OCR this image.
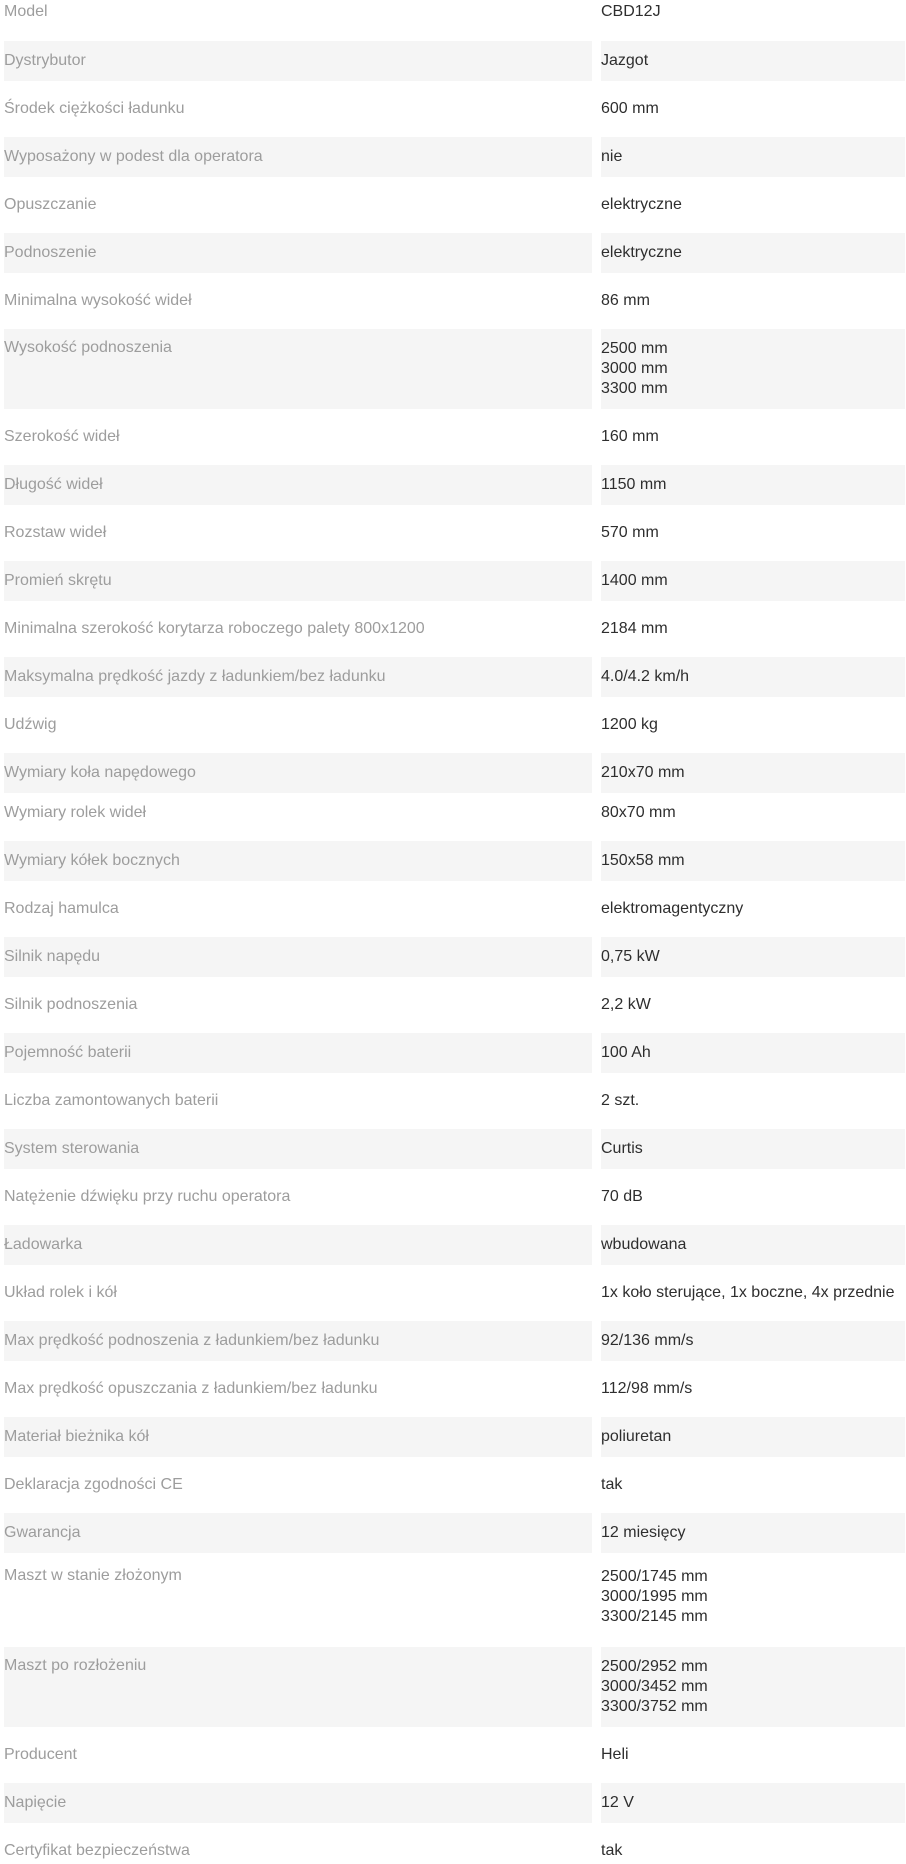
Model	CBD12J
Dystrybutor	Jazgot
Środek ciężkości ładunku	600 mm
Wyposażony w podest dla operatora	nie
Opuszczanie	elektryczne
Podnoszenie	elektryczne
Minimalna wysokość wideł	86 mm
Wysokość podnoszenia	2500 mm
3000 mm
3300 mm
Szerokość wideł	160 mm
Długość wideł	1150 mm
Rozstaw wideł	570 mm
Promień skrętu	1400 mm
Minimalna szerokość korytarza roboczego palety 800x1200	2184 mm
Maksymalna prędkość jazdy z ładunkiem/bez ładunku	4.0/4.2 km/h
Udźwig	1200 kg
Wymiary koła napędowego	210x70 mm
Wymiary rolek wideł	80x70 mm
Wymiary kółek bocznych	150x58 mm
Rodzaj hamulca	elektromagentyczny
Silnik napędu	0,75 kW
Silnik podnoszenia	2,2 kW
Pojemność baterii	100 Ah
Liczba zamontowanych baterii	2 szt.
System sterowania	Curtis
Natężenie dźwięku przy ruchu operatora	70 dB
Ładowarka	wbudowana
Układ rolek i kół	1x koło sterujące, 1x boczne, 4x przednie
Max prędkość podnoszenia z ładunkiem/bez ładunku	92/136 mm/s
Max prędkość opuszczania z ładunkiem/bez ładunku	112/98 mm/s
Materiał bieżnika kół	poliuretan
Deklaracja zgodności CE	tak
Gwarancja	12 miesięcy
Maszt w stanie złożonym	2500/1745 mm
3000/1995 mm
3300/2145 mm
Maszt po rozłożeniu	2500/2952 mm
3000/3452 mm
3300/3752 mm
Producent	Heli
Napięcie	12 V
Certyfikat bezpieczeństwa	tak
